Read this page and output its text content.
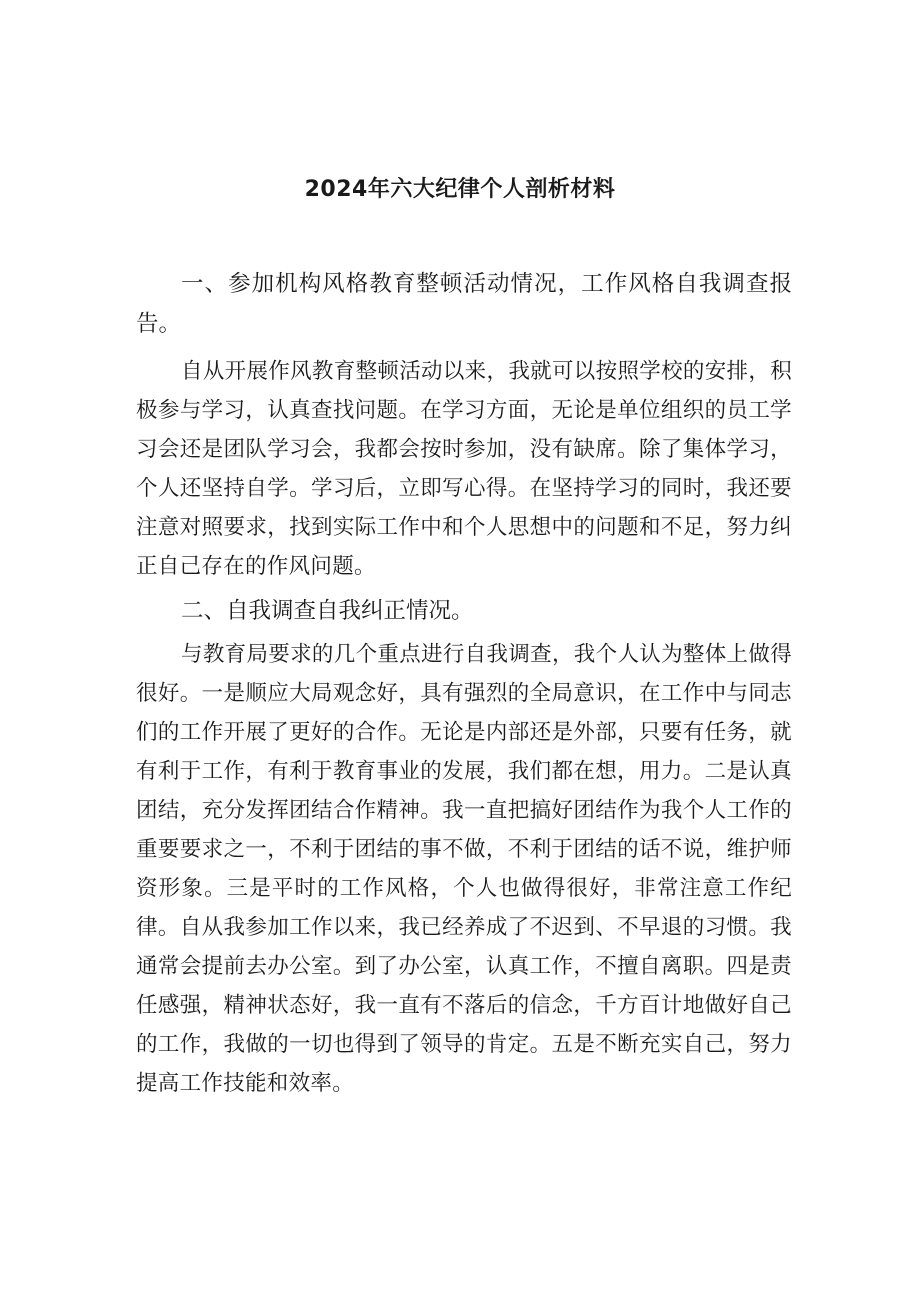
2024年六大纪律个人剖析材料

一、参加机构风格教育整顿活动情况，工作风格自我调查报告。

自从开展作风教育整顿活动以来，我就可以按照学校的安排，积极参与学习，认真查找问题。在学习方面，无论是单位组织的员工学习会还是团队学习会，我都会按时参加，没有缺席。除了集体学习，个人还坚持自学。学习后，立即写心得。在坚持学习的同时，我还要注意对照要求，找到实际工作中和个人思想中的问题和不足，努力纠正自己存在的作风问题。

二、自我调查自我纠正情况。

与教育局要求的几个重点进行自我调查，我个人认为整体上做得很好。一是顺应大局观念好，具有强烈的全局意识，在工作中与同志们的工作开展了更好的合作。无论是内部还是外部，只要有任务，就有利于工作，有利于教育事业的发展，我们都在想，用力。二是认真团结，充分发挥团结合作精神。我一直把搞好团结作为我个人工作的重要要求之一，不利于团结的事不做，不利于团结的话不说，维护师资形象。三是平时的工作风格，个人也做得很好，非常注意工作纪律。自从我参加工作以来，我已经养成了不迟到、不早退的习惯。我通常会提前去办公室。到了办公室，认真工作，不擅自离职。四是责任感强，精神状态好，我一直有不落后的信念，千方百计地做好自己的工作，我做的一切也得到了领导的肯定。五是不断充实自己，努力提高工作技能和效率。
